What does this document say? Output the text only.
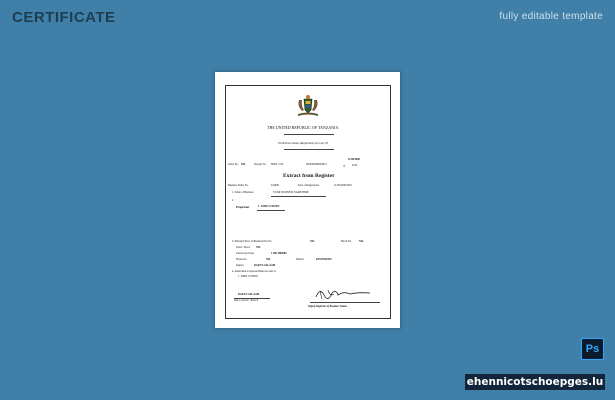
CERTIFICATE	fully editable template
THE UNITED REPUBLIC OF TANZANIA
The Business Names (Registration) Act Cap 213
Serial No. NIL	Receipt No. M000 • 01F	0000000000000072
of
21/08/2008
2019
Extract from Register
Business Name No.	442090	Date of Registration	21/08/2008/2019
1. Name of Business	YOUR BUSINESS NAME HERE
2.
Proprietor	1. JOHN CITIZEN
3. Principal Place of Business Plot No.	NIL	Block No.	NIL
Street / Road NIL
Unsurveyed Area	1 000 M00000
House No.	NIL	District	KINONDONI
Region	DAR ES SALAAM
4. Authorized to Operate Bank Account s/c
1. JOHN CITIZEN
DAR ES SALAAM
Place of Issue / Branch
Deputy Registrar of Business Names
Ps
ehennicotschoepges.lu
